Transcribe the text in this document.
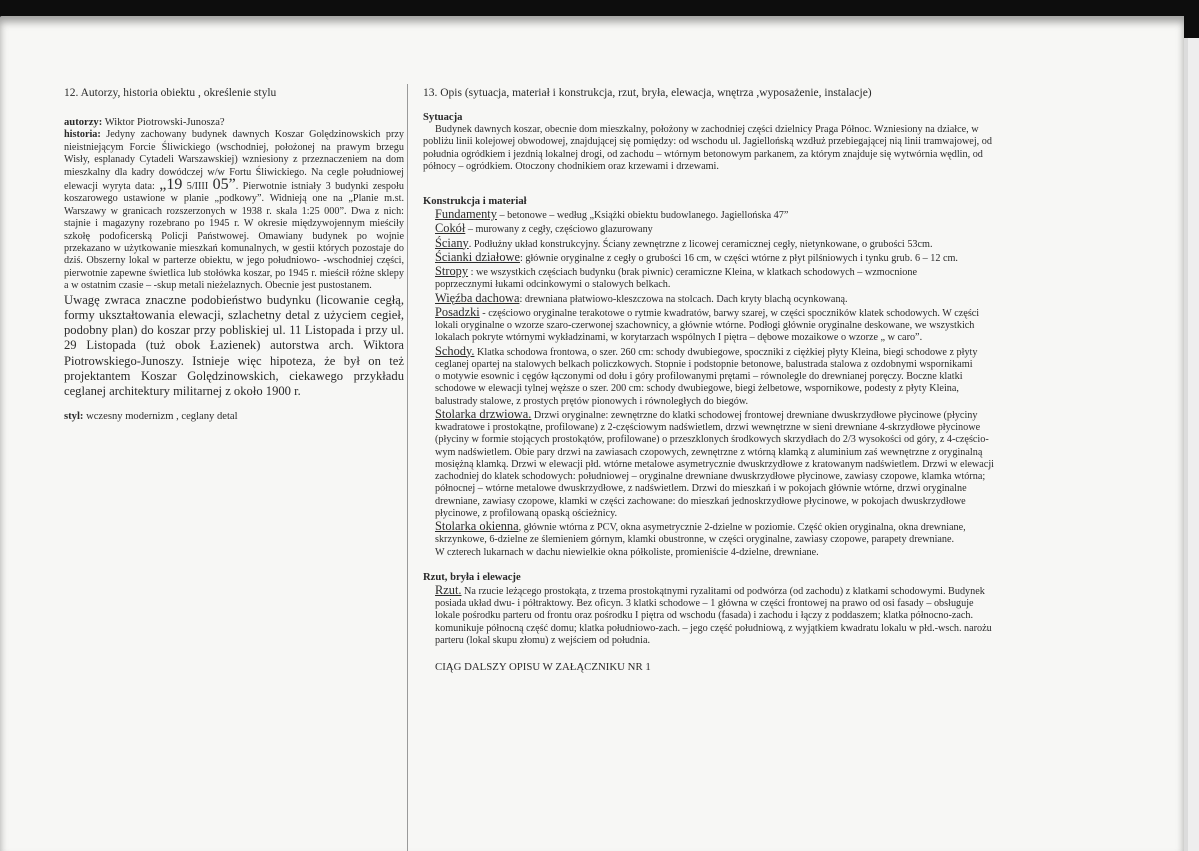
12. Autorzy, historia obiektu , określenie stylu
autorzy: Wiktor Piotrowski-Junosza?
historia: Jedyny zachowany budynek dawnych Koszar Golędzinowskich przy nieistniejącym Forcie Śliwickiego (wschodniej, położonej na prawym brzegu Wisły, esplanady Cytadeli Warszawskiej) wzniesiony z przeznaczeniem na dom mieszkalny dla kadry dowódczej w/w Fortu Śliwickiego. Na cegle południowej elewacji wyryta data: „19 5/IIII 05”. Pierwotnie istniały 3 budynki zespołu koszarowego ustawione w planie „podkowy”. Widnieją one na „Planie m.st. Warszawy w granicach rozszerzonych w 1938 r. skala 1:25 000”. Dwa z nich: stajnie i magazyny rozebrano po 1945 r. W okresie międzywojennym mieściły szkołę podoficerską Policji Państwowej. Omawiany budynek po wojnie przekazano w użytkowanie mieszkań komunalnych, w gestii których pozostaje do dziś. Obszerny lokal w parterze obiektu, w jego południowo- -wschodniej części, pierwotnie zapewne świetlica lub stołówka koszar, po 1945 r. mieścił różne sklepy a w ostatnim czasie – -skup metali nieżelaznych. Obecnie jest pustostanem.
Uwagę zwraca znaczne podobieństwo budynku (licowanie cegłą, formy ukształtowania elewacji, szlachetny detal z użyciem cegieł, podobny plan) do koszar przy pobliskiej ul. 11 Listopada i przy ul. 29 Listopada (tuż obok Łazienek) autorstwa arch. Wiktora Piotrowskiego-Junoszy. Istnieje więc hipoteza, że był on też projektantem Koszar Golędzinowskich, ciekawego przykładu ceglanej architektury militarnej z około 1900 r.
styl: wczesny modernizm , ceglany detal
13. Opis (sytuacja, materiał i konstrukcja, rzut, bryła, elewacja, wnętrza ,wyposażenie, instalacje)
Sytuacja
Budynek dawnych koszar, obecnie dom mieszkalny, położony w zachodniej części dzielnicy Praga Północ. Wzniesiony na działce, w
pobliżu linii kolejowej obwodowej, znajdującej się pomiędzy: od wschodu ul. Jagiellońską wzdłuż przebiegającej nią linii tramwajowej, od
południa ogródkiem i jezdnią lokalnej drogi, od zachodu – wtórnym betonowym parkanem, za którym znajduje się wytwórnia wędlin, od
północy – ogródkiem. Otoczony chodnikiem oraz krzewami i drzewami.
Konstrukcja i materiał
Fundamenty – betonowe – według „Książki obiektu budowlanego. Jagiellońska 47”
Cokół – murowany z cegły, częściowo glazurowany
Ściany. Podłużny układ konstrukcyjny. Ściany zewnętrzne z licowej ceramicznej cegły, nietynkowane, o grubości 53cm.
Ścianki działowe: głównie oryginalne z cegły o grubości 16 cm, w części wtórne z płyt pilśniowych i tynku grub. 6 – 12 cm.
Stropy : we wszystkich częściach budynku (brak piwnic) ceramiczne Kleina, w klatkach schodowych – wzmocnione
poprzecznymi łukami odcinkowymi o stalowych belkach.
Więźba dachowa: drewniana płatwiowo-kleszczowa na stolcach. Dach kryty blachą ocynkowaną.
Posadzki - częściowo oryginalne terakotowe o rytmie kwadratów, barwy szarej, w części spoczników klatek schodowych. W części
lokali oryginalne o wzorze szaro-czerwonej szachownicy, a głównie wtórne. Podłogi głównie oryginalne deskowane, we wszystkich
lokalach pokryte wtórnymi wykładzinami, w korytarzach wspólnych I piętra – dębowe mozaikowe o wzorze „ w caro”.
Schody. Klatka schodowa frontowa, o szer. 260 cm: schody dwubiegowe, spoczniki z ciężkiej płyty Kleina, biegi schodowe z płyty
ceglanej opartej na stalowych belkach policzkowych. Stopnie i podstopnie betonowe, balustrada stalowa z ozdobnymi wspornikami
o motywie esownic i cęgów łączonymi od dołu i góry profilowanymi prętami – równolegle do drewnianej poręczy. Boczne klatki
schodowe w elewacji tylnej węższe o szer. 200 cm: schody dwubiegowe, biegi żelbetowe, wspornikowe, podesty z płyty Kleina,
balustrady stalowe, z prostych prętów pionowych i równoległych do biegów.
Stolarka drzwiowa. Drzwi oryginalne: zewnętrzne do klatki schodowej frontowej drewniane dwuskrzydłowe płycinowe (płyciny
kwadratowe i prostokątne, profilowane) z 2-częściowym nadświetlem, drzwi wewnętrzne w sieni drewniane 4-skrzydłowe płycinowe
(płyciny w formie stojących prostokątów, profilowane) o przeszklonych środkowych skrzydłach do 2/3 wysokości od góry, z 4-częścio-
wym nadświetlem. Obie pary drzwi na zawiasach czopowych, zewnętrzne z wtórną klamką z aluminium zaś wewnętrzne z oryginalną
mosiężną klamką. Drzwi w elewacji płd. wtórne metalowe asymetrycznie dwuskrzydłowe z kratowanym nadświetlem. Drzwi w elewacji
zachodniej do klatek schodowych: południowej – oryginalne drewniane dwuskrzydłowe płycinowe, zawiasy czopowe, klamka wtórna;
północnej – wtórne metalowe dwuskrzydłowe, z nadświetlem. Drzwi do mieszkań i w pokojach głównie wtórne, drzwi oryginalne
drewniane, zawiasy czopowe, klamki w części zachowane: do mieszkań jednoskrzydłowe płycinowe, w pokojach dwuskrzydłowe
płycinowe, z profilowaną opaską ościeżnicy.
Stolarka okienna, głównie wtórna z PCV, okna asymetrycznie 2-dzielne w poziomie. Część okien oryginalna, okna drewniane,
skrzynkowe, 6-dzielne ze ślemieniem górnym, klamki obustronne, w części oryginalne, zawiasy czopowe, parapety drewniane.
W czterech lukarnach w dachu niewielkie okna półkoliste, promieniście 4-dzielne, drewniane.
Rzut, bryła i elewacje
Rzut. Na rzucie leżącego prostokąta, z trzema prostokątnymi ryzalitami od podwórza (od zachodu) z klatkami schodowymi. Budynek
posiada układ dwu- i półtraktowy. Bez oficyn. 3 klatki schodowe – 1 główna w części frontowej na prawo od osi fasady – obsługuje
lokale pośrodku parteru od frontu oraz pośrodku I piętra od wschodu (fasada) i zachodu i łączy z poddaszem; klatka północno-zach.
komunikuje północną część domu; klatka południowo-zach. – jego część południową, z wyjątkiem kwadratu lokalu w płd.-wsch. narożu
parteru (lokal skupu złomu) z wejściem od południa.
CIĄG DALSZY OPISU W ZAŁĄCZNIKU NR 1
